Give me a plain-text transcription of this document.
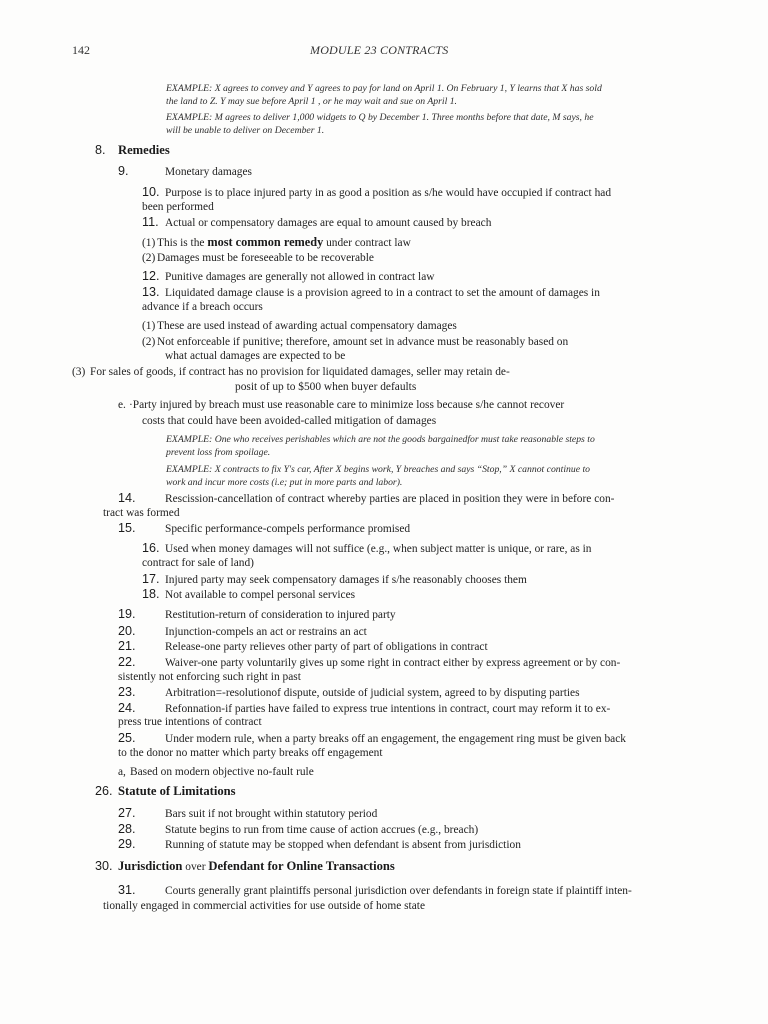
142	MODULE 23 CONTRACTS
EXAMPLE: X agrees to convey and Y agrees to pay for land on April 1. On February 1, Y learns that X has sold
the land to Z. Y may sue before April 1 , or he may wait and sue on April 1.
EXAMPLE: M agrees to deliver 1,000 widgets to Q by December 1. Three months before that date, M says, he
will be unable to deliver on December 1.
8. Remedies
9.	Monetary damages
10. Purpose is to place injured party in as good a position as s/he would have occupied if contract had
been performed
11. Actual or compensatory damages are equal to amount caused by breach
(1) This is the most common remedy under contract law
(2) Damages must be foreseeable to be recoverable
12. Punitive damages are generally not allowed in contract law
13. Liquidated damage clause is a provision agreed to in a contract to set the amount of damages in
advance if a breach occurs
(1) These are used instead of awarding actual compensatory damages
(2) Not enforceable if punitive; therefore, amount set in advance must be reasonably based on
what actual damages are expected to be
(3) For sales of goods, if contract has no provision for liquidated damages, seller may retain de-
posit of up to $500 when buyer defaults
e. ·Party injured by breach must use reasonable care to minimize loss because s/he cannot recover
costs that could have been avoided-called mitigation of damages
EXAMPLE: One who receives perishables which are not the goods bargainedfor must take reasonable steps to
prevent loss from spoilage.
EXAMPLE: X contracts to fix Y's car, After X begins work, Y breaches and says “Stop,” X cannot continue to
work and incur more costs (i.e; put in more parts and labor).
14.	Rescission-cancellation of contract whereby parties are placed in position they were in before con-
tract was formed
15.	Specific performance-compels performance promised
16. Used when money damages will not suffice (e.g., when subject matter is unique, or rare, as in
contract for sale of land)
17. Injured party may seek compensatory damages if s/he reasonably chooses them
18. Not available to compel personal services
19.	Restitution-return of consideration to injured party
20.	Injunction-compels an act or restrains an act
21.	Release-one party relieves other party of part of obligations in contract
22.	Waiver-one party voluntarily gives up some right in contract either by express agreement or by con-
sistently not enforcing such right in past
23.	Arbitration=-resolutionof dispute, outside of judicial system, agreed to by disputing parties
24.	Refonnation-if parties have failed to express true intentions in contract, court may reform it to ex-
press true intentions of contract
25.	Under modern rule, when a party breaks off an engagement, the engagement ring must be given back
to the donor no matter which party breaks off engagement
a, Based on modern objective no-fault rule
26. Statute of Limitations
27.	Bars suit if not brought within statutory period
28.	Statute begins to run from time cause of action accrues (e.g., breach)
29.	Running of statute may be stopped when defendant is absent from jurisdiction
30. Jurisdiction over Defendant for Online Transactions
31.	Courts generally grant plaintiffs personal jurisdiction over defendants in foreign state if plaintiff inten-
tionally engaged in commercial activities for use outside of home state
